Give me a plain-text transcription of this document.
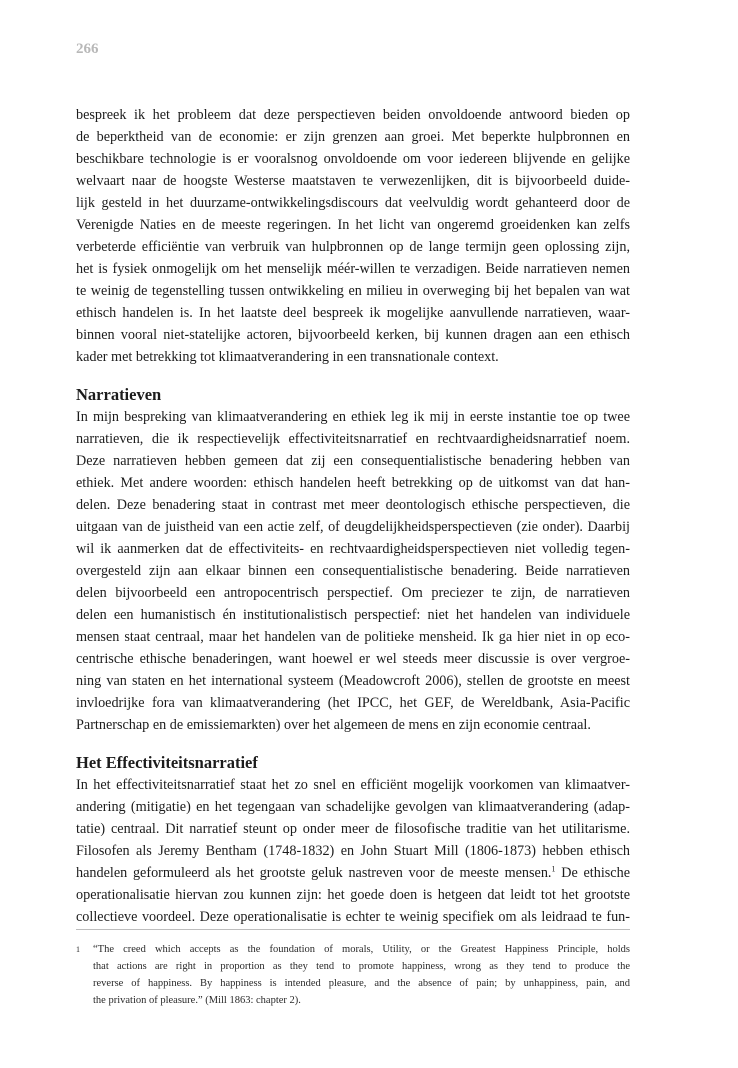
266
bespreek ik het probleem dat deze perspectieven beiden onvoldoende antwoord bieden op
de beperktheid van de economie: er zijn grenzen aan groei. Met beperkte hulpbronnen en
beschikbare technologie is er vooralsnog onvoldoende om voor iedereen blijvende en gelijke
welvaart naar de hoogste Westerse maatstaven te verwezenlijken, dit is bijvoorbeeld duide-
lijk gesteld in het duurzame-ontwikkelingsdiscours dat veelvuldig wordt gehanteerd door de
Verenigde Naties en de meeste regeringen. In het licht van ongeremd groeidenken kan zelfs
verbeterde efficiëntie van verbruik van hulpbronnen op de lange termijn geen oplossing zijn,
het is fysiek onmogelijk om het menselijk méér-willen te verzadigen. Beide narratieven nemen
te weinig de tegenstelling tussen ontwikkeling en milieu in overweging bij het bepalen van wat
ethisch handelen is. In het laatste deel bespreek ik mogelijke aanvullende narratieven, waar-
binnen vooral niet-statelijke actoren, bijvoorbeeld kerken, bij kunnen dragen aan een ethisch
kader met betrekking tot klimaatverandering in een transnationale context.
Narratieven
In mijn bespreking van klimaatverandering en ethiek leg ik mij in eerste instantie toe op twee
narratieven, die ik respectievelijk effectiviteitsnarratief en rechtvaardigheidsnarratief noem.
Deze narratieven hebben gemeen dat zij een consequentialistische benadering hebben van
ethiek. Met andere woorden: ethisch handelen heeft betrekking op de uitkomst van dat han-
delen. Deze benadering staat in contrast met meer deontologisch ethische perspectieven, die
uitgaan van de juistheid van een actie zelf, of deugdelijkheidsperspectieven (zie onder). Daarbij
wil ik aanmerken dat de effectiviteits- en rechtvaardigheidsperspectieven niet volledig tegen-
overgesteld zijn aan elkaar binnen een consequentialistische benadering. Beide narratieven
delen bijvoorbeeld een antropocentrisch perspectief. Om preciezer te zijn, de narratieven
delen een humanistisch én institutionalistisch perspectief: niet het handelen van individuele
mensen staat centraal, maar het handelen van de politieke mensheid. Ik ga hier niet in op eco-
centrische ethische benaderingen, want hoewel er wel steeds meer discussie is over vergroe-
ning van staten en het international systeem (Meadowcroft 2006), stellen de grootste en meest
invloedrijke fora van klimaatverandering (het IPCC, het GEF, de Wereldbank, Asia-Pacific
Partnerschap en de emissiemarkten) over het algemeen de mens en zijn economie centraal.
Het Effectiviteitsnarratief
In het effectiviteitsnarratief staat het zo snel en efficiënt mogelijk voorkomen van klimaatver-
andering (mitigatie) en het tegengaan van schadelijke gevolgen van klimaatverandering (adap-
tatie) centraal. Dit narratief steunt op onder meer de filosofische traditie van het utilitarisme.
Filosofen als Jeremy Bentham (1748-1832) en John Stuart Mill (1806-1873) hebben ethisch
handelen geformuleerd als het grootste geluk nastreven voor de meeste mensen.$^1$ De ethische
operationalisatie hiervan zou kunnen zijn: het goede doen is hetgeen dat leidt tot het grootste
collectieve voordeel. Deze operationalisatie is echter te weinig specifiek om als leidraad te fun-
1 “The creed which accepts as the foundation of morals, Utility, or the Greatest Happiness Principle, holds
that actions are right in proportion as they tend to promote happiness, wrong as they tend to produce the
reverse of happiness. By happiness is intended pleasure, and the absence of pain; by unhappiness, pain, and
the privation of pleasure.” (Mill 1863: chapter 2).
